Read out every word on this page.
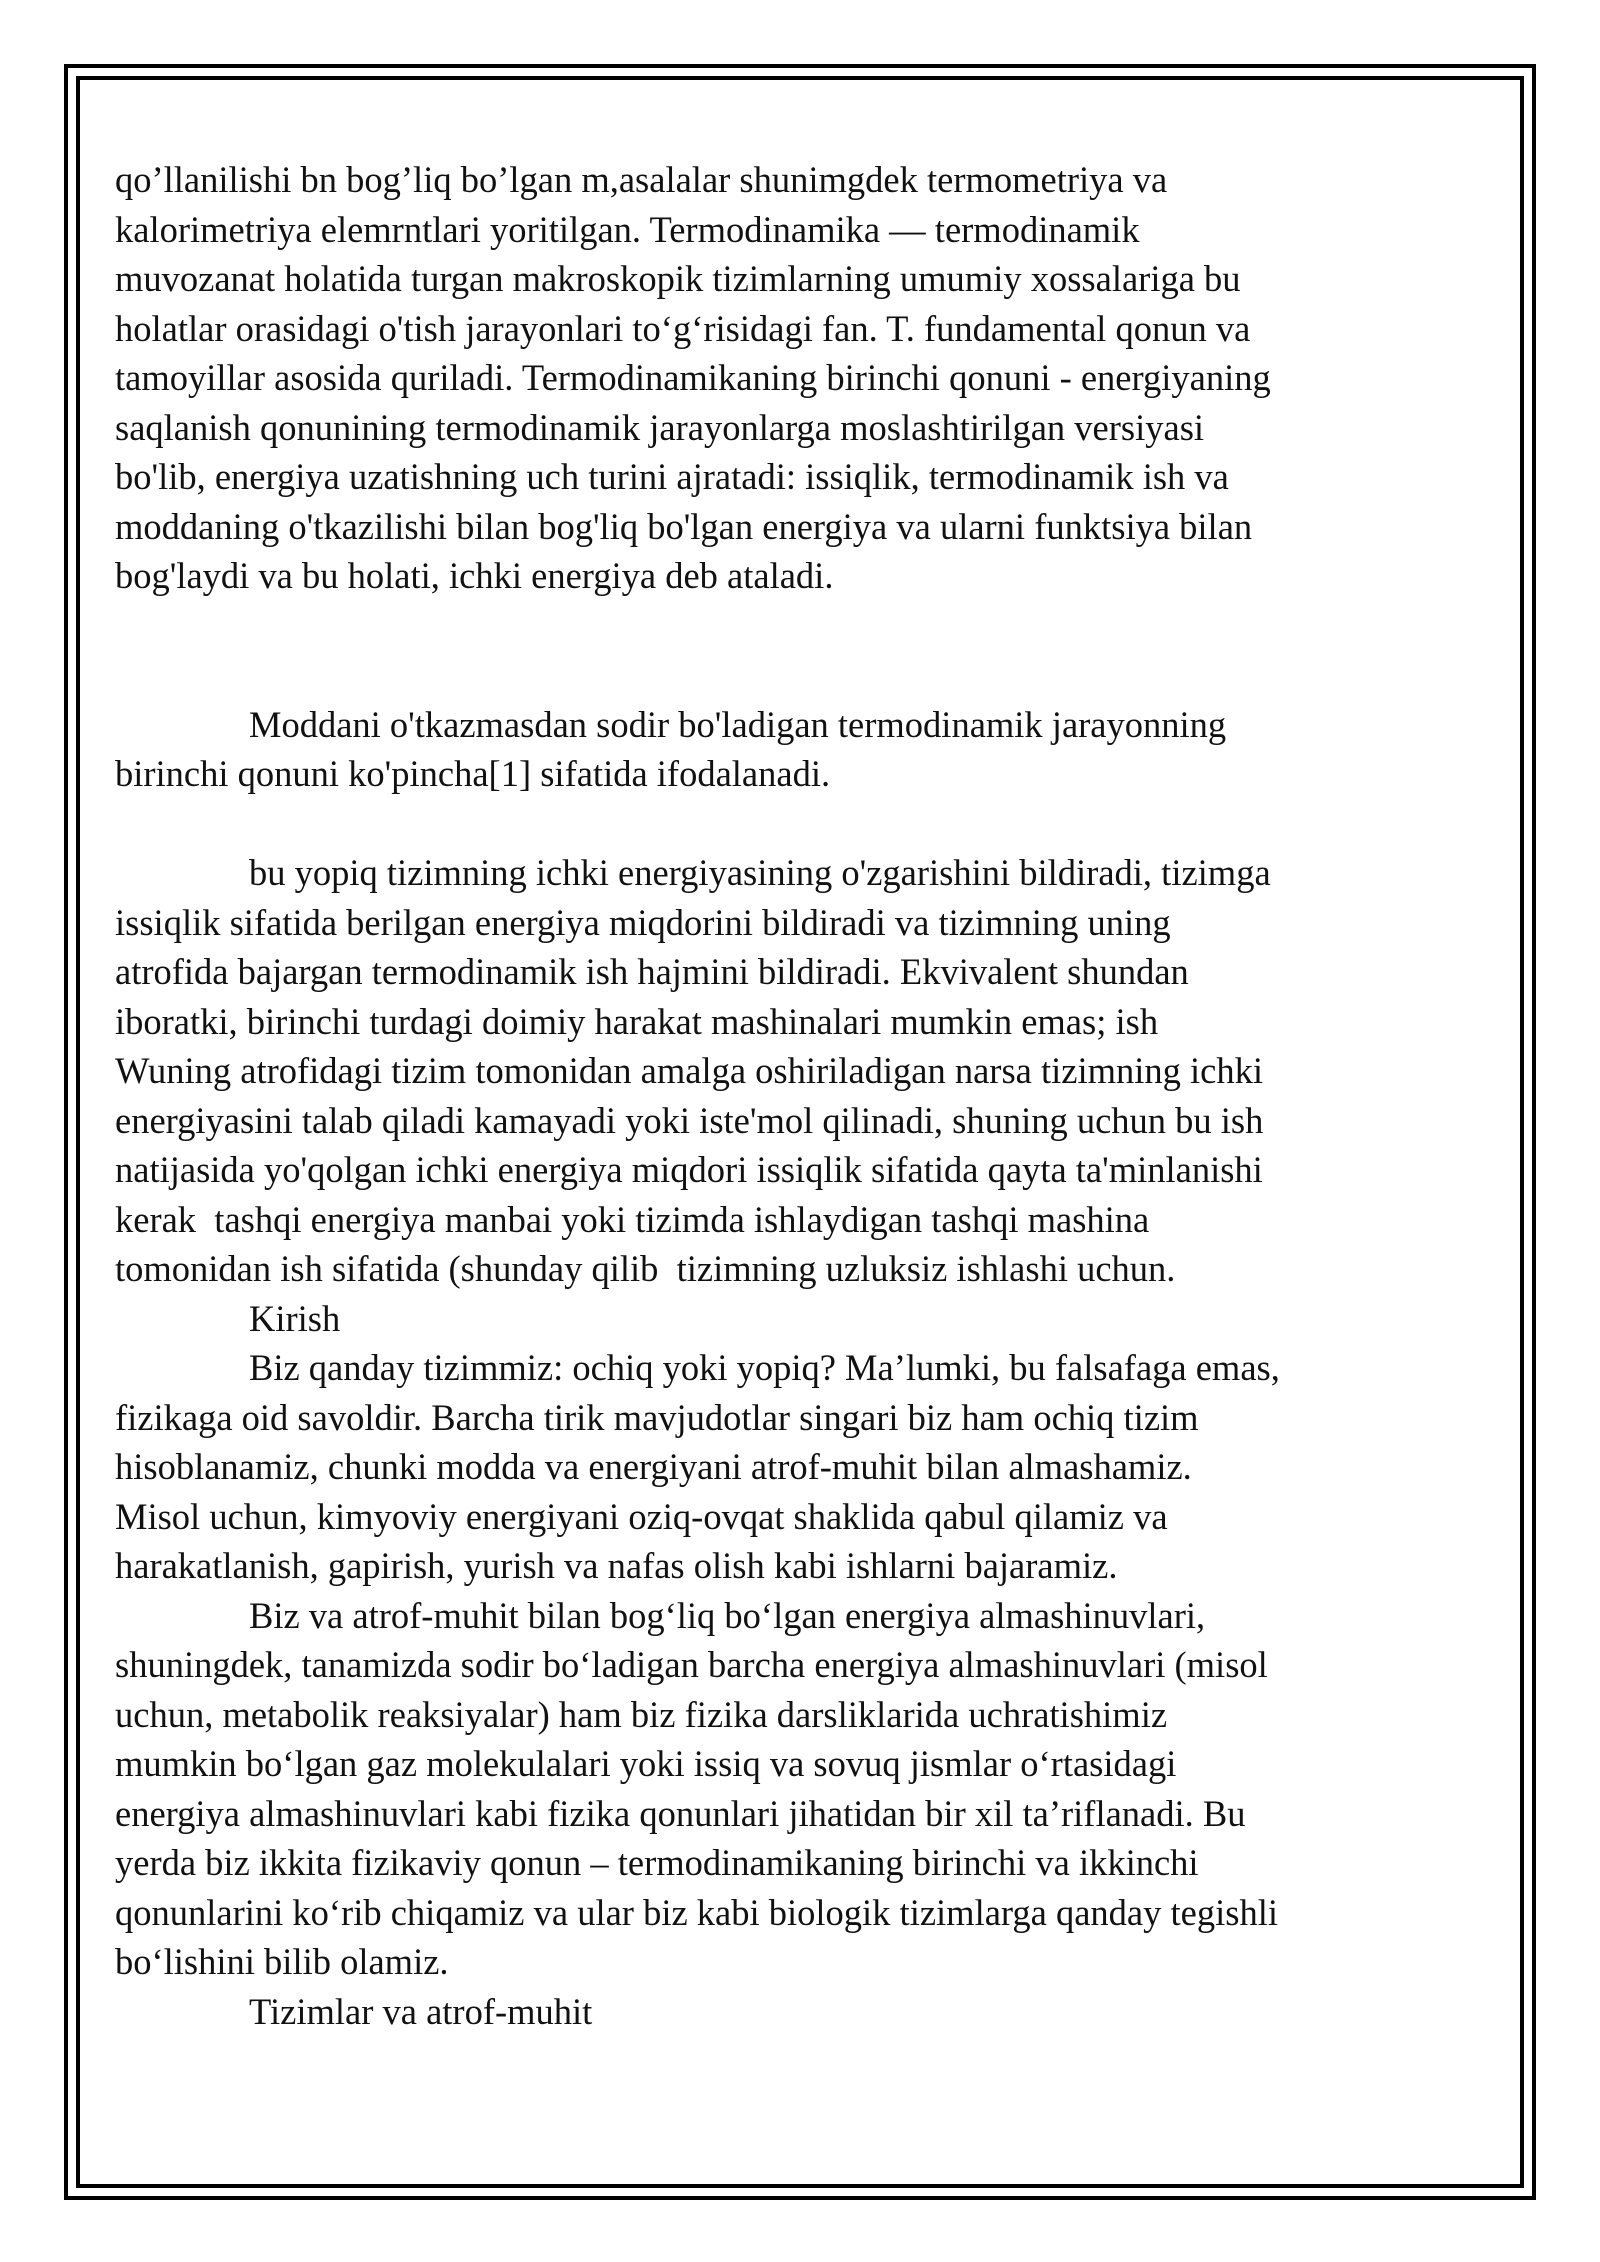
qo’llanilishi bn bog’liq bo’lgan m,asalalar shunimgdek termometriya va
kalorimetriya elemrntlari yoritilgan. Termodinamika — termodinamik
muvozanat holatida turgan makroskopik tizimlarning umumiy xossalariga bu
holatlar orasidagi o'tish jarayonlari to‘g‘risidagi fan. T. fundamental qonun va
tamoyillar asosida quriladi. Termodinamikaning birinchi qonuni - energiyaning
saqlanish qonunining termodinamik jarayonlarga moslashtirilgan versiyasi
bo'lib, energiya uzatishning uch turini ajratadi: issiqlik, termodinamik ish va
moddaning o'tkazilishi bilan bog'liq bo'lgan energiya va ularni funktsiya bilan
bog'laydi va bu holati, ichki energiya deb ataladi.

Moddani o'tkazmasdan sodir bo'ladigan termodinamik jarayonning
birinchi qonuni ko'pincha[1] sifatida ifodalanadi.

bu yopiq tizimning ichki energiyasining o'zgarishini bildiradi, tizimga
issiqlik sifatida berilgan energiya miqdorini bildiradi va tizimning uning
atrofida bajargan termodinamik ish hajmini bildiradi. Ekvivalent shundan
iboratki, birinchi turdagi doimiy harakat mashinalari mumkin emas; ish
Wuning atrofidagi tizim tomonidan amalga oshiriladigan narsa tizimning ichki
energiyasini talab qiladi kamayadi yoki iste'mol qilinadi, shuning uchun bu ish
natijasida yo'qolgan ichki energiya miqdori issiqlik sifatida qayta ta'minlanishi
kerak  tashqi energiya manbai yoki tizimda ishlaydigan tashqi mashina
tomonidan ish sifatida (shunday qilib  tizimning uzluksiz ishlashi uchun.

Kirish

Biz qanday tizimmiz: ochiq yoki yopiq? Ma’lumki, bu falsafaga emas,
fizikaga oid savoldir. Barcha tirik mavjudotlar singari biz ham ochiq tizim
hisoblanamiz, chunki modda va energiyani atrof-muhit bilan almashamiz.
Misol uchun, kimyoviy energiyani oziq-ovqat shaklida qabul qilamiz va
harakatlanish, gapirish, yurish va nafas olish kabi ishlarni bajaramiz.

Biz va atrof-muhit bilan bog‘liq bo‘lgan energiya almashinuvlari,
shuningdek, tanamizda sodir bo‘ladigan barcha energiya almashinuvlari (misol
uchun, metabolik reaksiyalar) ham biz fizika darsliklarida uchratishimiz
mumkin bo‘lgan gaz molekulalari yoki issiq va sovuq jismlar o‘rtasidagi
energiya almashinuvlari kabi fizika qonunlari jihatidan bir xil ta’riflanadi. Bu
yerda biz ikkita fizikaviy qonun – termodinamikaning birinchi va ikkinchi
qonunlarini ko‘rib chiqamiz va ular biz kabi biologik tizimlarga qanday tegishli
bo‘lishini bilib olamiz.

Tizimlar va atrof-muhit
